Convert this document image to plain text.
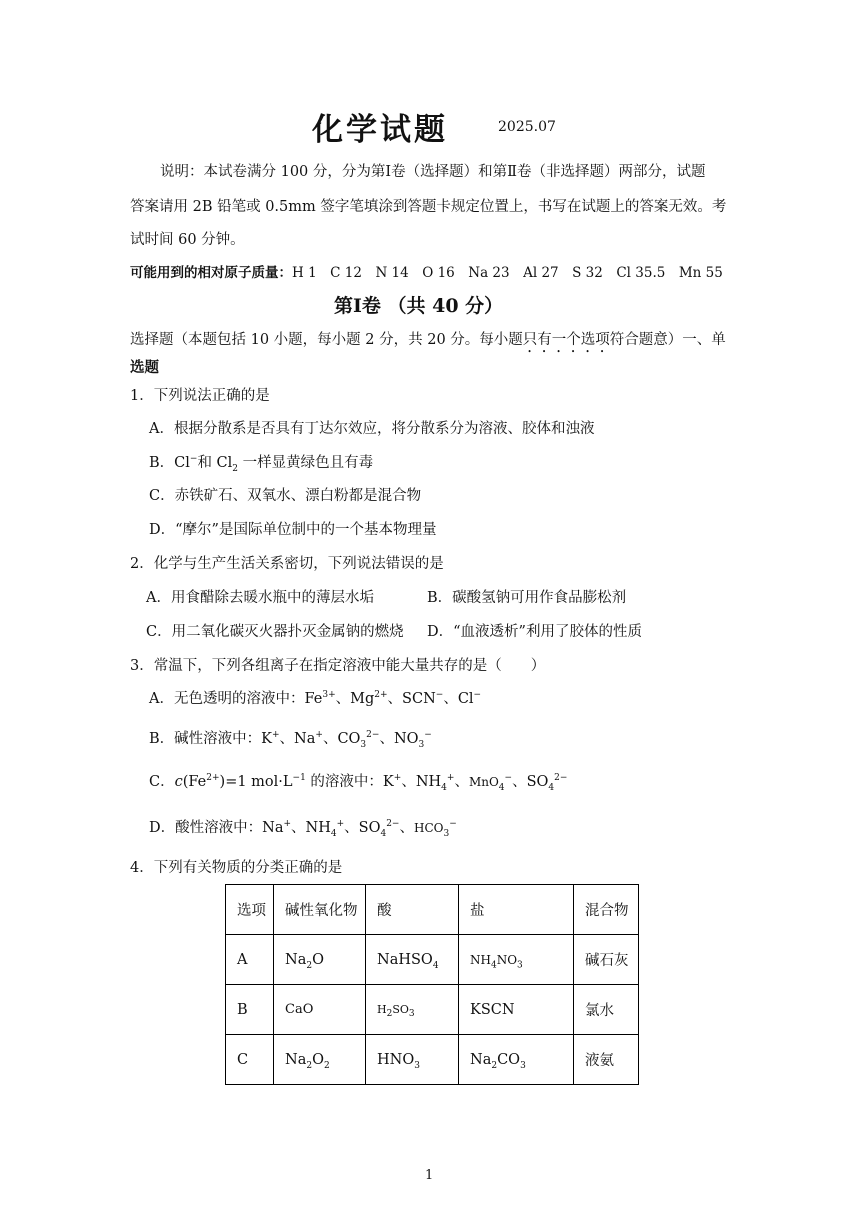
化学试题	2025.07
说明：本试卷满分 100 分，分为第Ⅰ卷（选择题）和第Ⅱ卷（非选择题）两部分，试题
答案请用 2B 铅笔或 0.5mm 签字笔填涂到答题卡规定位置上，书写在试题上的答案无效。考
试时间 60 分钟。
可能用到的相对原子质量：H 1　C 12　N 14　O 16　Na 23　Al 27　S 32　Cl 35.5　Mn 55
第Ⅰ卷 （共 40 分）
选择题（本题包括 10 小题，每小题 2 分，共 20 分。每小题只有一个选项符合题意）一、单
选题
1．下列说法正确的是
A．根据分散系是否具有丁达尔效应，将分散系分为溶液、胶体和浊液
B．Cl−和 $Cl_2$ 一样显黄绿色且有毒
C．赤铁矿石、双氧水、漂白粉都是混合物
D．“摩尔”是国际单位制中的一个基本物理量
2．化学与生产生活关系密切，下列说法错误的是
A．用食醋除去暖水瓶中的薄层水垢	B．碳酸氢钠可用作食品膨松剂
C．用二氧化碳灭火器扑灭金属钠的燃烧 D．“血液透析”利用了胶体的性质
3．常温下，下列各组离子在指定溶液中能大量共存的是（　　）
A．无色透明的溶液中：$Fe^{3+}$、$Mg^{2+}$、SCN−、Cl−
B．碱性溶液中：K+、Na+、$CO_3^{2-}$、$NO_3^-$
C．$c(Fe^{2+})=1$ $mol\cdot L^{-1}$ 的溶液中：K+、$NH_4^+$、MnO$_4$−、$SO_4^{2-}$
D．酸性溶液中：Na+、$NH_4^+$、$SO_4^{2-}$、$HCO_3^-$
4．下列有关物质的分类正确的是
选项	碱性氧化物	酸	盐	混合物
A	$Na_2O$	NaHSO$_4$	$NH_4NO_3$	碱石灰
B	CaO	$H_2SO_3$	KSCN	氯水
C	$Na_2O_2$	$HNO_3$	$Na_2CO_3$	液氨
1
